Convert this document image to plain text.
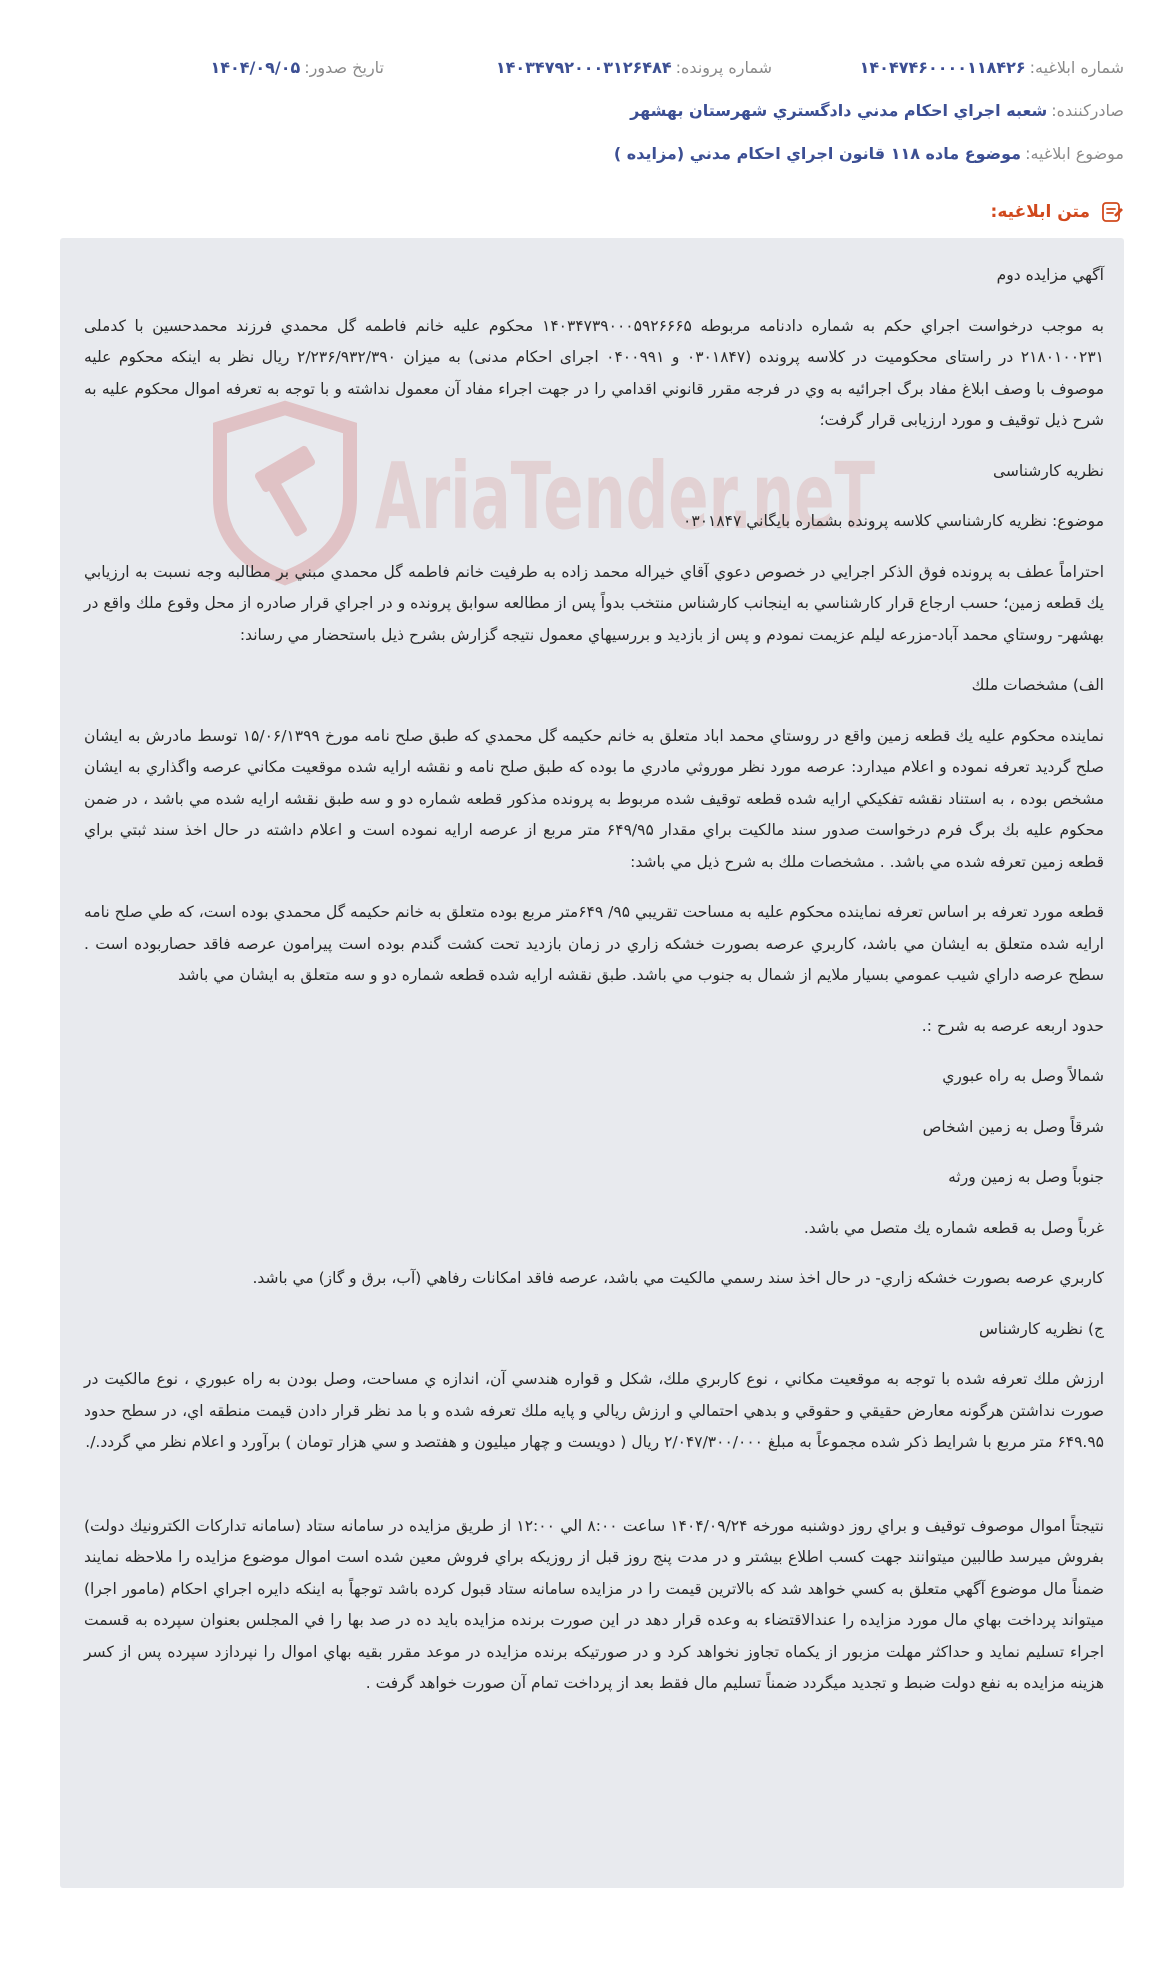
شماره ابلاغيه:
۱۴۰۴۷۴۶۰۰۰۰۱۱۸۴۲۶
شماره پرونده:
۱۴۰۳۴۷۹۲۰۰۰۳۱۲۶۴۸۴
تاريخ صدور:
۱۴۰۴/۰۹/۰۵
صادرکننده:
شعبه اجراي احكام مدني دادگستري شهرستان بهشهر
موضوع ابلاغيه:
موضوع ماده ۱۱۸ قانون اجراي احكام مدني (مزايده )
متن ابلاغيه:
AriaTender.neT

آگهي مزايده دوم

به موجب درخواست اجراي حكم به شماره دادنامه مربوطه ۱۴۰۳۴۷۳۹۰۰۰۵۹۲۶۶۶۵ محكوم عليه خانم فاطمه گل محمدي فرزند محمدحسين با كدملی ۲۱۸۰۱۰۰۲۳۱ در راستای محكوميت در كلاسه پرونده (۰۳۰۱۸۴۷ و ۰۴۰۰۹۹۱ اجرای احكام مدنی) به ميزان ۲/۲۳۶/۹۳۲/۳۹۰ ريال نظر به اينكه محكوم عليه موصوف با وصف ابلاغ مفاد برگ اجرائيه به وي در فرجه مقرر قانوني اقدامي را در جهت اجراء مفاد آن معمول نداشته و با توجه به تعرفه اموال محكوم عليه به شرح ذيل توقيف و مورد ارزيابی قرار گرفت؛

نظريه كارشناسی

موضوع: نظريه كارشناسي كلاسه پرونده بشماره بايگاني ۰۳۰۱۸۴۷

احتراماً عطف به پرونده فوق الذكر اجرايي در خصوص دعوي آقاي خيراله محمد زاده به طرفيت خانم فاطمه گل محمدي مبني بر مطالبه وجه نسبت به ارزيابي يك قطعه زمين؛ حسب ارجاع قرار كارشناسي به اينجانب كارشناس منتخب بدواً پس از مطالعه سوابق پرونده و در اجراي قرار صادره از محل وقوع ملك واقع در بهشهر- روستاي محمد آباد-مزرعه ليلم عزيمت نمودم و پس از بازديد و بررسيهاي معمول نتيجه گزارش بشرح ذيل باستحضار مي رساند:

الف) مشخصات ملك

نماينده محكوم عليه يك قطعه زمين واقع در روستاي محمد اباد متعلق به خانم حكيمه گل محمدي كه طبق صلح نامه مورخ ۱۵/۰۶/۱۳۹۹ توسط مادرش به ايشان صلح گرديد تعرفه نموده و اعلام ميدارد: عرصه مورد نظر موروثي مادري ما بوده كه طبق صلح نامه و نقشه ارايه شده موقعيت مكاني عرصه واگذاري به ايشان مشخص بوده ، به استناد نقشه تفكيكي ارايه شده قطعه توقيف شده مربوط به پرونده مذكور قطعه شماره دو و سه طبق نقشه ارايه شده مي باشد ، در ضمن محكوم عليه بك برگ فرم درخواست صدور سند مالكيت براي مقدار ۶۴۹/۹۵ متر مربع از عرصه ارايه نموده است و اعلام داشته در حال اخذ سند ثبتي براي قطعه زمين تعرفه شده مي باشد. . مشخصات ملك به شرح ذيل مي باشد:

قطعه مورد تعرفه بر اساس تعرفه نماينده محكوم عليه به مساحت تقريبي ۹۵/ ۶۴۹متر مربع بوده متعلق به خانم حكيمه گل محمدي بوده است، كه طي صلح نامه ارايه شده متعلق به ايشان مي باشد، كاربري عرصه بصورت خشكه زاري در زمان بازديد تحت كشت گندم بوده است پيرامون عرصه فاقد حصاربوده است . سطح عرصه داراي شيب عمومي بسيار ملايم از شمال به جنوب مي باشد. طبق نقشه ارايه شده قطعه شماره دو و سه متعلق به ايشان مي باشد

حدود اربعه عرصه به شرح :.

شمالاً وصل به راه عبوري

شرقاً وصل به زمين اشخاص

جنوباً وصل به زمين ورثه

غرباً وصل به قطعه شماره يك متصل مي باشد.

كاربري عرصه بصورت خشكه زاري- در حال اخذ سند رسمي مالكيت مي باشد، عرصه فاقد امكانات رفاهي (آب، برق و گاز) مي باشد.

ج) نظريه كارشناس

ارزش ملك تعرفه شده با توجه به موقعيت مكاني ، نوع كاربري ملك، شكل و قواره هندسي آن، اندازه ي مساحت، وصل بودن به راه عبوري ، نوع مالكيت در صورت نداشتن هرگونه معارض حقيقي و حقوقي و بدهي احتمالي و ارزش ريالي و پايه ملك تعرفه شده و با مد نظر قرار دادن قيمت منطقه اي، در سطح حدود ۶۴۹.۹۵ متر مربع با شرايط ذكر شده مجموعاً به مبلغ ۲/۰۴۷/۳۰۰/۰۰۰ ريال ( دويست و چهار ميليون و هفتصد و سي هزار تومان ) برآورد و اعلام نظر مي گردد./.

نتيجتاً اموال موصوف توقيف و براي روز دوشنبه مورخه ۱۴۰۴/۰۹/۲۴ ساعت ۸:۰۰ الي ۱۲:۰۰ از طريق مزايده در سامانه ستاد (سامانه تداركات الكترونيك دولت) بفروش ميرسد طالبين ميتوانند جهت كسب اطلاع بيشتر و در مدت پنج روز قبل از روزيكه براي فروش معين شده است اموال موضوع مزايده را ملاحظه نمايند ضمناً مال موضوع آگهي متعلق به كسي خواهد شد كه بالاترين قيمت را در مزايده سامانه ستاد قبول كرده باشد توجهاً به اينكه دايره اجراي احكام (مامور اجرا) ميتواند پرداخت بهاي مال مورد مزايده را عندالاقتضاء به وعده قرار دهد در اين صورت برنده مزايده بايد ده در صد بها را في المجلس بعنوان سپرده به قسمت اجراء تسليم نمايد و حداكثر مهلت مزبور از يكماه تجاوز نخواهد كرد و در صورتيكه برنده مزايده در موعد مقرر بقيه بهاي اموال را نپردازد سپرده پس از كسر هزينه مزايده به نفع دولت ضبط و تجديد ميگردد ضمناً تسليم مال فقط بعد از پرداخت تمام آن صورت خواهد گرفت .
